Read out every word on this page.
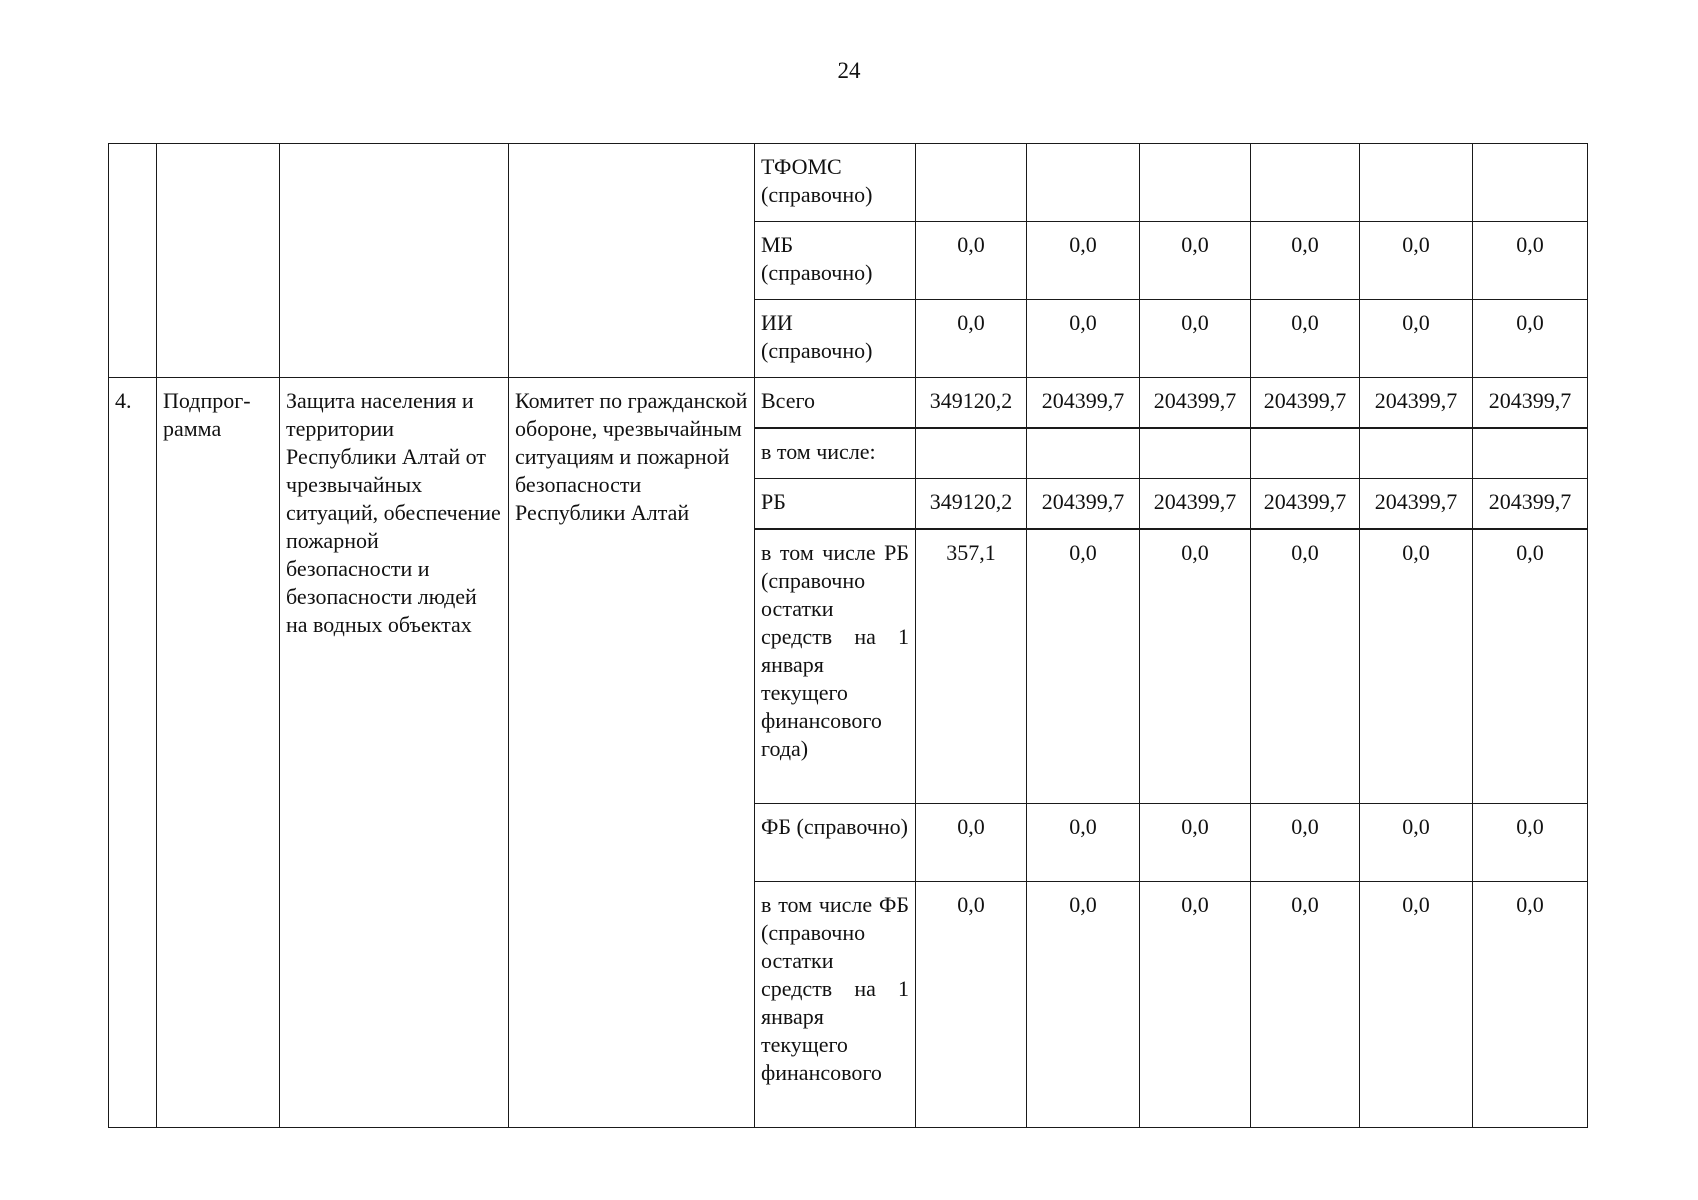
24
				ТФОМС (справочно)						
				МБ (справочно)	0,0	0,0	0,0	0,0	0,0	0,0
				ИИ (справочно)	0,0	0,0	0,0	0,0	0,0	0,0
4.	Подпрог-рамма	Защита населения и территории Республики Алтай от чрезвычайных ситуаций, обеспечение пожарной безопасности и безопасности людей на водных объектах	Комитет по гражданской обороне, чрезвычайным ситуациям и пожарной безопасности Республики Алтай	Всего	349120,2	204399,7	204399,7	204399,7	204399,7	204399,7
				в том числе:						
				РБ	349120,2	204399,7	204399,7	204399,7	204399,7	204399,7
				в том числе РБ (справочно остатки средств на 1 января текущего финансового года)	357,1	0,0	0,0	0,0	0,0	0,0
				ФБ (справочно)	0,0	0,0	0,0	0,0	0,0	0,0
				в том числе ФБ (справочно остатки средств на 1 января текущего финансового	0,0	0,0	0,0	0,0	0,0	0,0
